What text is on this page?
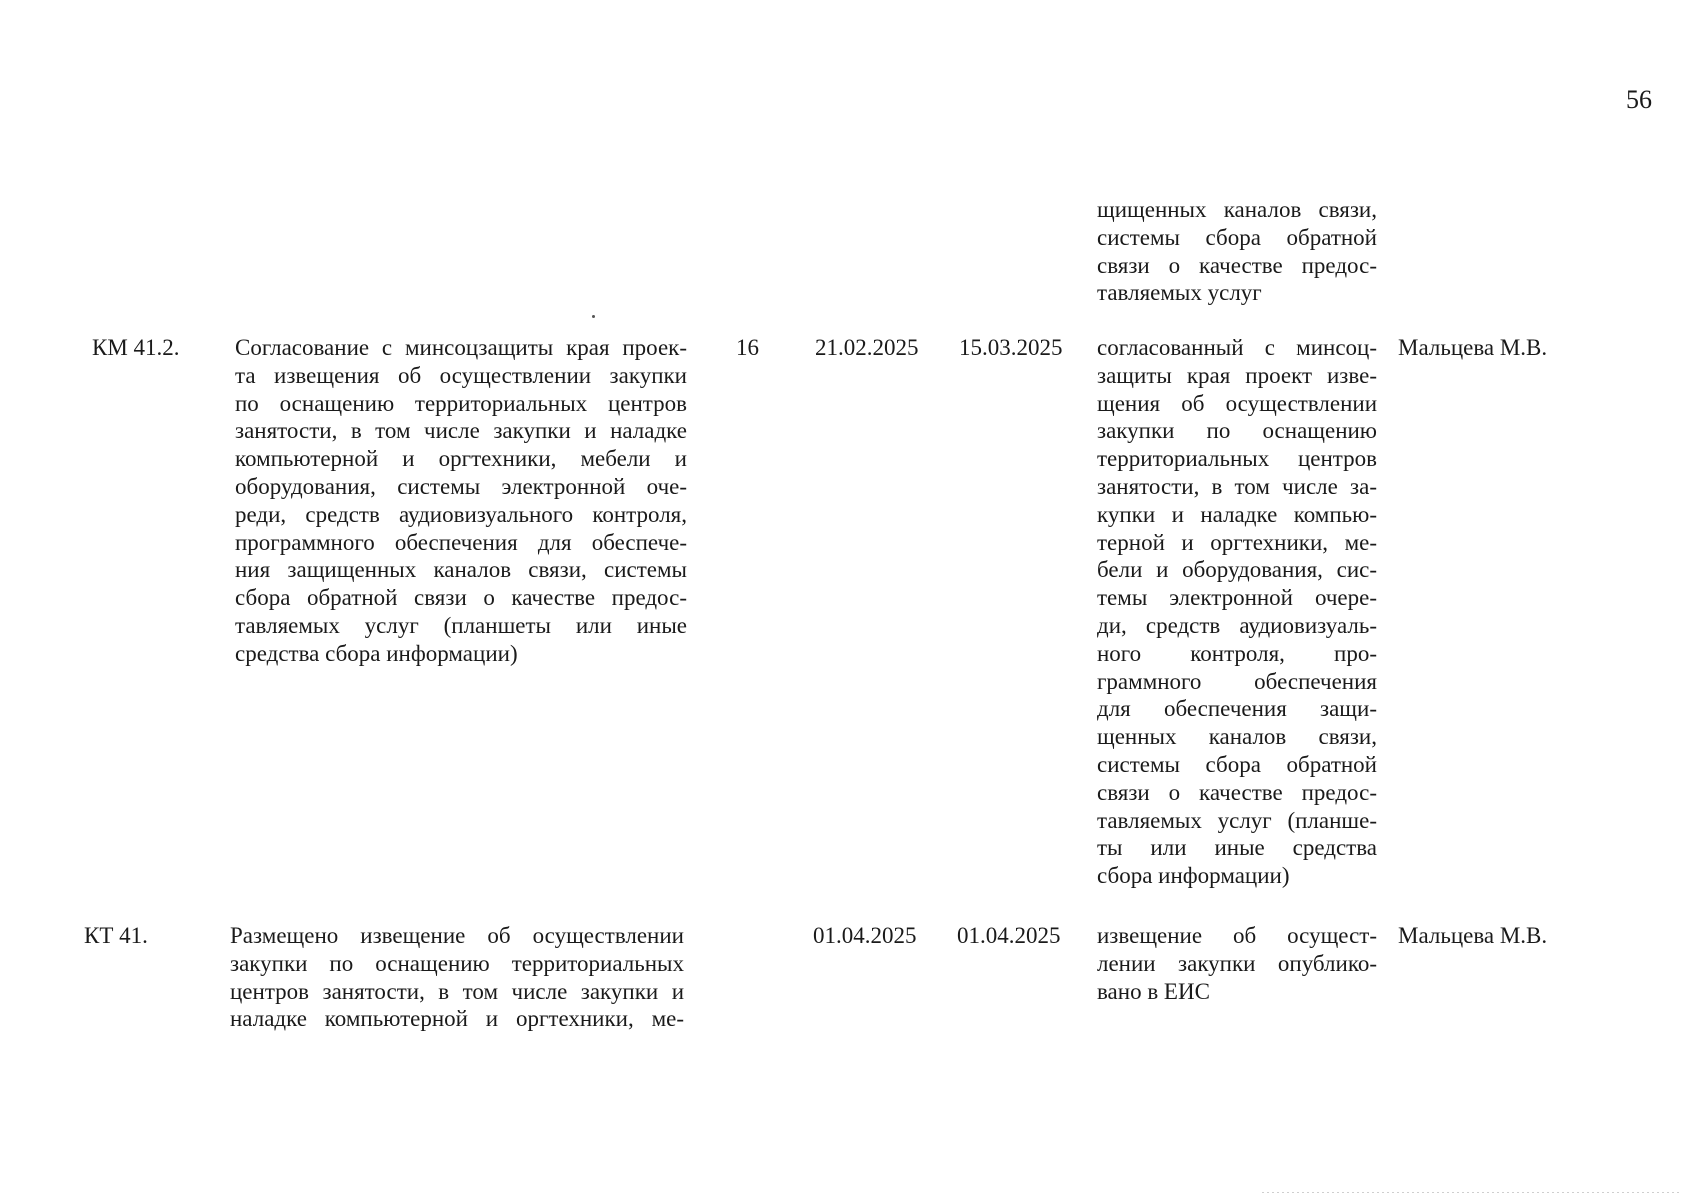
56
щищенных каналов связи,
системы сбора обратной
связи о качестве предос-
тавляемых услуг
КМ 41.2. Согласование с минсоцзащиты края проек-
та извещения об осуществлении закупки
по оснащению территориальных центров
занятости, в том числе закупки и наладке
компьютерной и оргтехники, мебели и
оборудования, системы электронной оче-
реди, средств аудиовизуального контроля,
программного обеспечения для обеспече-
ния защищенных каналов связи, системы
сбора обратной связи о качестве предос-
тавляемых услуг (планшеты или иные
средства сбора информации)
16 21.02.2025 15.03.2025 согласованный с минсоц-
защиты края проект изве-
щения об осуществлении
закупки по оснащению
территориальных центров
занятости, в том числе за-
купки и наладке компью-
терной и оргтехники, ме-
бели и оборудования, сис-
темы электронной очере-
ди, средств аудиовизуаль-
ного контроля, про-
граммного обеспечения
для обеспечения защи-
щенных каналов связи,
системы сбора обратной
связи о качестве предос-
тавляемых услуг (планше-
ты или иные средства
сбора информации)
Мальцева М.В.
КТ 41.	Размещено извещение об осуществлении
закупки по оснащению территориальных
центров занятости, в том числе закупки и
наладке компьютерной и оргтехники, ме-
01.04.2025 01.04.2025 извещение об осущест-
лении закупки опублико-
вано в ЕИС
Мальцева М.В.
